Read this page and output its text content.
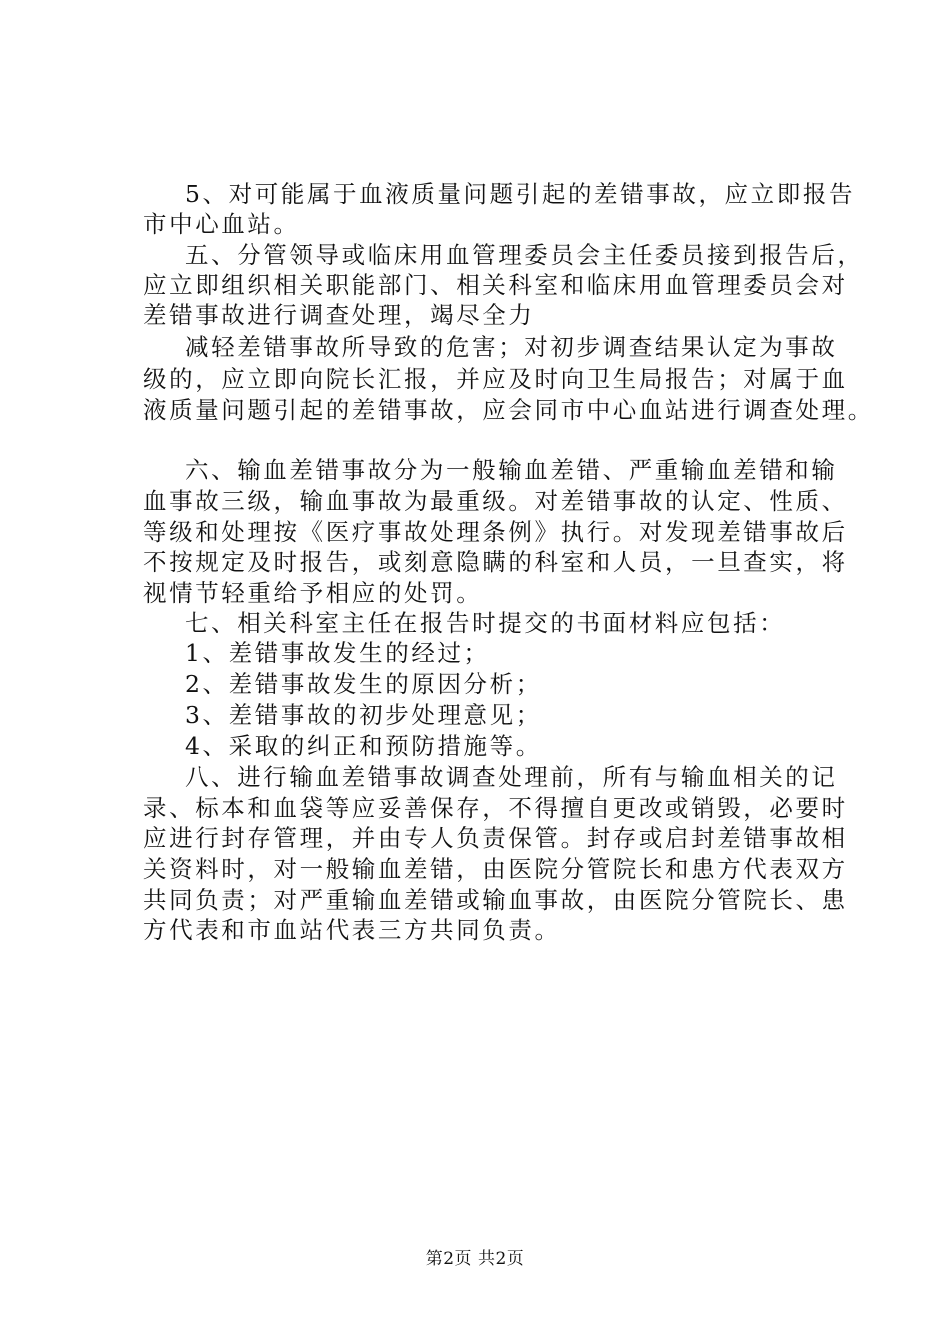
5、对可能属于血液质量问题引起的差错事故，应立即报告
市中心血站。
五、分管领导或临床用血管理委员会主任委员接到报告后，
应立即组织相关职能部门、相关科室和临床用血管理委员会对
差错事故进行调查处理，竭尽全力
减轻差错事故所导致的危害；对初步调查结果认定为事故
级的，应立即向院长汇报，并应及时向卫生局报告；对属于血
液质量问题引起的差错事故，应会同市中心血站进行调查处理。
六、输血差错事故分为一般输血差错、严重输血差错和输
血事故三级，输血事故为最重级。对差错事故的认定、性质、
等级和处理按《医疗事故处理条例》执行。对发现差错事故后
不按规定及时报告，或刻意隐瞒的科室和人员，一旦查实，将
视情节轻重给予相应的处罚。
七、相关科室主任在报告时提交的书面材料应包括：
1、差错事故发生的经过；
2、差错事故发生的原因分析；
3、差错事故的初步处理意见；
4、采取的纠正和预防措施等。
八、进行输血差错事故调查处理前，所有与输血相关的记
录、标本和血袋等应妥善保存，不得擅自更改或销毁，必要时
应进行封存管理，并由专人负责保管。封存或启封差错事故相
关资料时，对一般输血差错，由医院分管院长和患方代表双方
共同负责；对严重输血差错或输血事故，由医院分管院长、患
方代表和市血站代表三方共同负责。
第2页 共2页
